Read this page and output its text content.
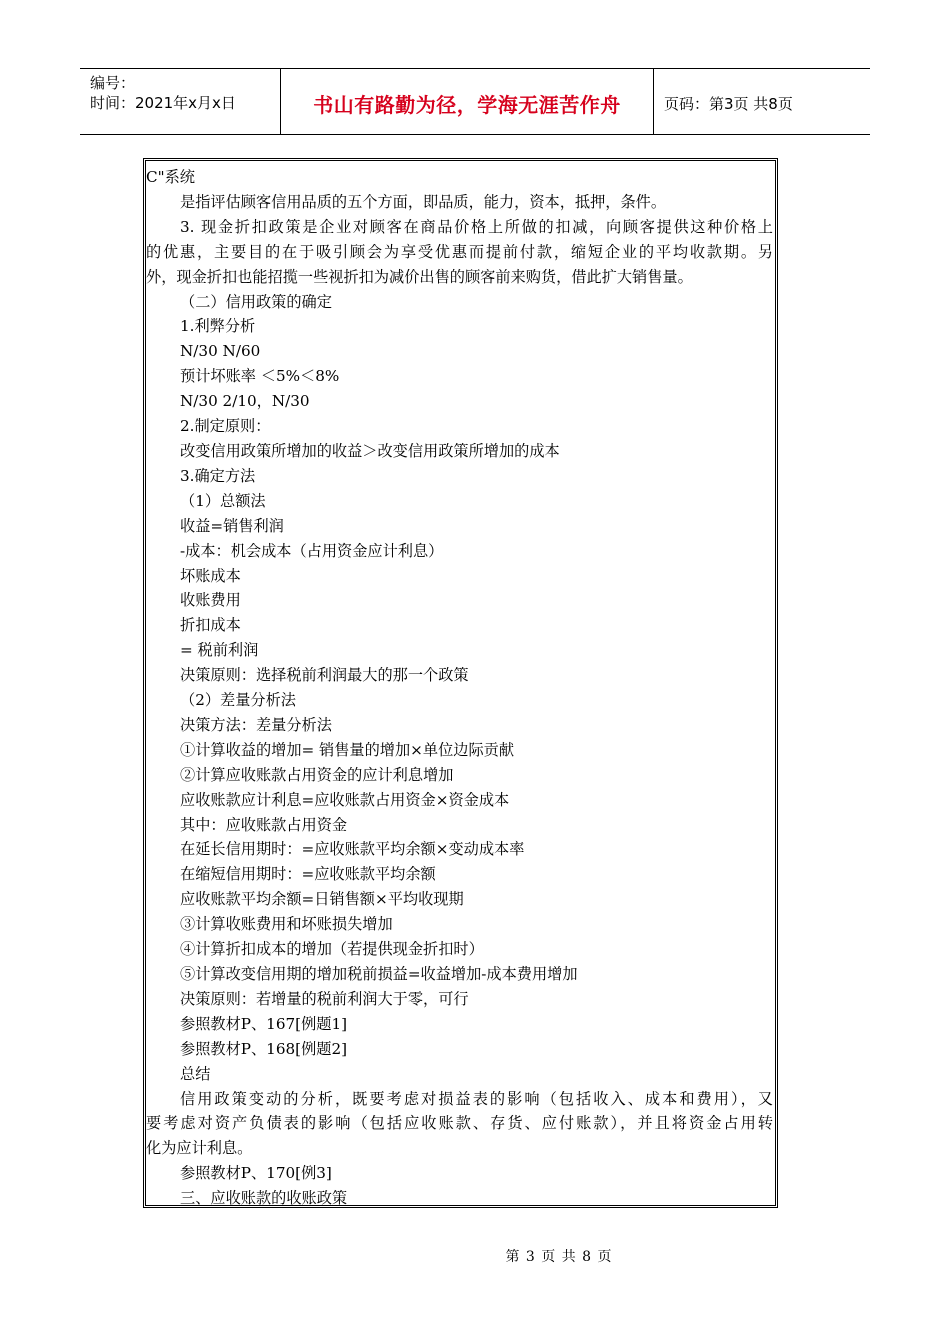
编号：
时间：2021年x月x日	书山有路勤为径，学海无涯苦作舟	页码：第3页 共8页
C"系统
是指评估顾客信用品质的五个方面，即品质，能力，资本，抵押，条件。
3. 现金折扣政策是企业对顾客在商品价格上所做的扣减，向顾客提供这种价格上
的优惠，主要目的在于吸引顾会为享受优惠而提前付款，缩短企业的平均收款期。另
外，现金折扣也能招揽一些视折扣为减价出售的顾客前来购货，借此扩大销售量。
（二）信用政策的确定
1.利弊分析
N/30 N/60
预计坏账率 ＜5%＜8%
N/30 2/10，N/30
2.制定原则：
改变信用政策所增加的收益＞改变信用政策所增加的成本
3.确定方法
（1）总额法
收益=销售利润
-成本：机会成本（占用资金应计利息）
坏账成本
收账费用
折扣成本
= 税前利润
决策原则：选择税前利润最大的那一个政策
（2）差量分析法
决策方法：差量分析法
①计算收益的增加= 销售量的增加×单位边际贡献
②计算应收账款占用资金的应计利息增加
应收账款应计利息=应收账款占用资金×资金成本
其中：应收账款占用资金
在延长信用期时：=应收账款平均余额×变动成本率
在缩短信用期时：=应收账款平均余额
应收账款平均余额=日销售额×平均收现期
③计算收账费用和坏账损失增加
④计算折扣成本的增加（若提供现金折扣时）
⑤计算改变信用期的增加税前损益=收益增加-成本费用增加
决策原则：若增量的税前利润大于零，可行
参照教材P、167[例题1]
参照教材P、168[例题2]
总结
信用政策变动的分析，既要考虑对损益表的影响（包括收入、成本和费用），又
要考虑对资产负债表的影响（包括应收账款、存货、应付账款），并且将资金占用转
化为应计利息。
参照教材P、170[例3]
三、应收账款的收账政策
第 3 页 共 8 页
